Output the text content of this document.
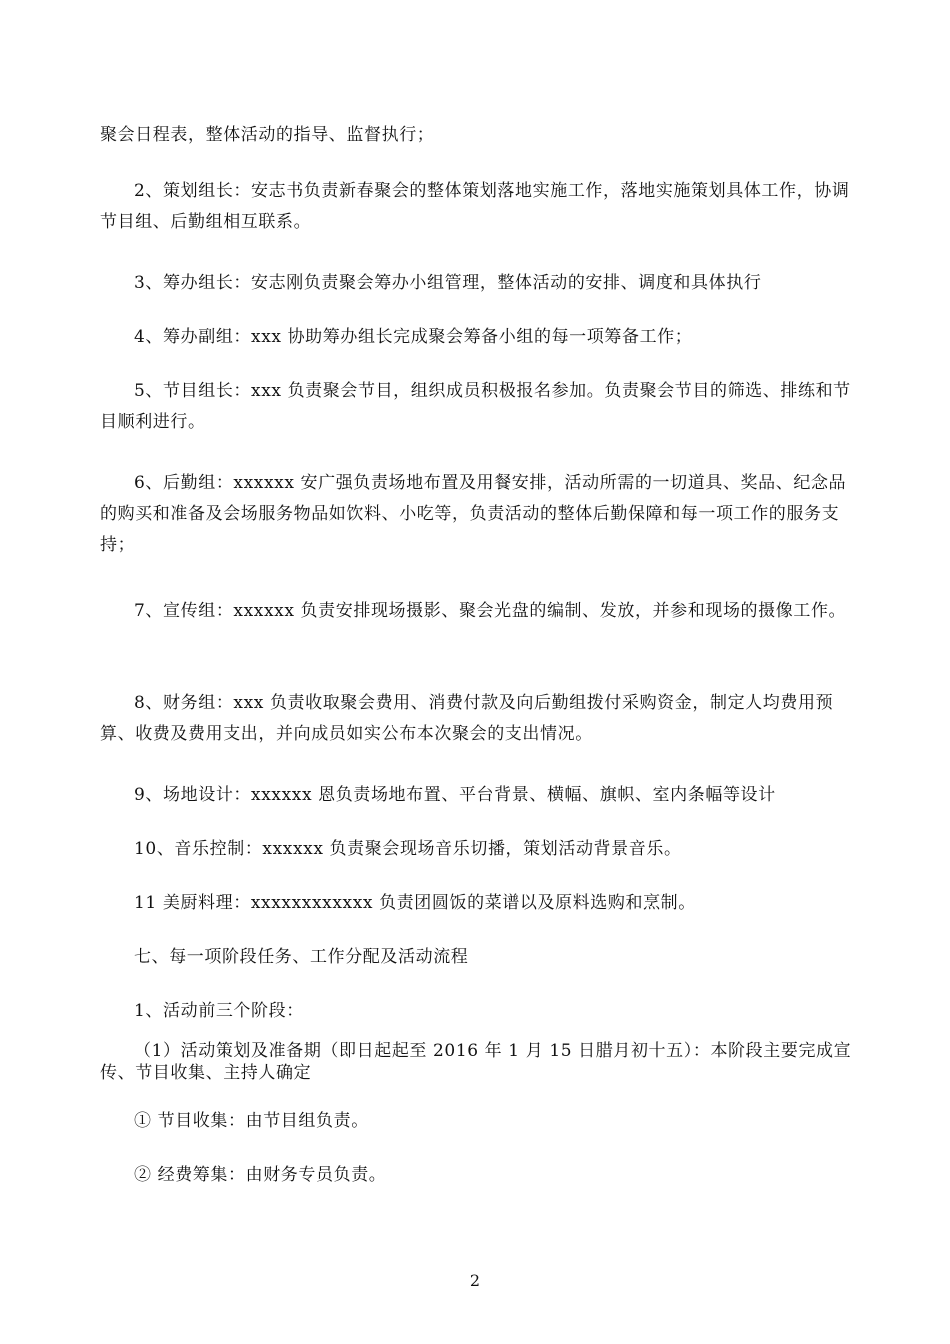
聚会日程表，整体活动的指导、监督执行；

2、策划组长：安志书负责新春聚会的整体策划落地实施工作，落地实施策划具体工作，协调节目组、后勤组相互联系。

3、筹办组长：安志刚负责聚会筹办小组管理，整体活动的安排、调度和具体执行

4、筹办副组：xxx 协助筹办组长完成聚会筹备小组的每一项筹备工作；

5、节目组长：xxx 负责聚会节目，组织成员积极报名参加。负责聚会节目的筛选、排练和节目顺利进行。

6、后勤组：xxxxxx 安广强负责场地布置及用餐安排，活动所需的一切道具、奖品、纪念品的购买和准备及会场服务物品如饮料、小吃等，负责活动的整体后勤保障和每一项工作的服务支持；

7、宣传组：xxxxxx 负责安排现场摄影、聚会光盘的编制、发放，并参和现场的摄像工作。

8、财务组：xxx 负责收取聚会费用、消费付款及向后勤组拨付采购资金，制定人均费用预算、收费及费用支出，并向成员如实公布本次聚会的支出情况。

9、场地设计：xxxxxx 恩负责场地布置、平台背景、横幅、旗帜、室内条幅等设计

10、音乐控制：xxxxxx 负责聚会现场音乐切播，策划活动背景音乐。

11 美厨料理：xxxxxxxxxxxx 负责团圆饭的菜谱以及原料选购和烹制。

七、每一项阶段任务、工作分配及活动流程

1、活动前三个阶段：

（1）活动策划及准备期（即日起起至 2016 年 1 月 15 日腊月初十五）：本阶段主要完成宣传、节目收集、主持人确定

① 节目收集：由节目组负责。

② 经费筹集：由财务专员负责。

2
